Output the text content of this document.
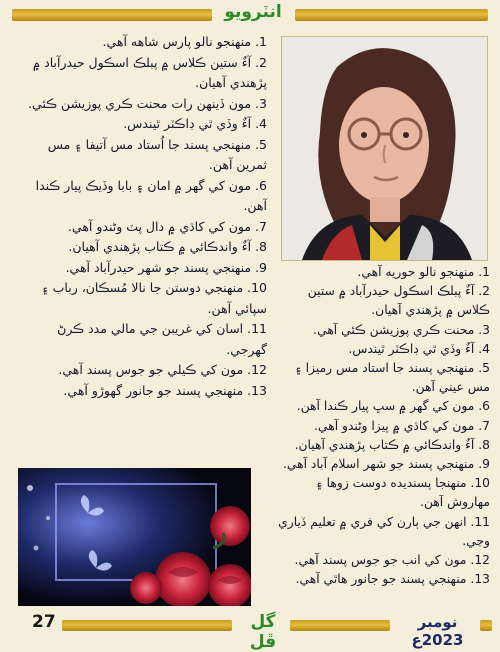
انٽرويو
1. منهنجو نالو پارس شاهه آهي.
2. آءٌ ستين ڪلاس ۾ پبلڪ اسڪول حيدرآباد ۾ پڙهندي آهيان.
3. مون ڏينهن رات محنت ڪري پوزيشن ڪئي.
4. آءٌ وڏي ٿي ڊاڪٽر ٿيندس.
5. منهنجي پسند جا اُستاد مس آتيفا ۽ مس ثمرين آهن.
6. مون کي گهر ۾ امان ۽ بابا وڏيڪ پيار ڪندا آهن.
7. مون کي کاڌي ۾ دال پٽ وڻندو آهي.
8. آءٌ واندڪائي ۾ ڪتاب پڙهندي آهيان.
9. منهنجي پسند جو شهر حيدرآباد آهي.
10. منهنجي دوستن جا نالا مُسڪان، رباب ۽ سپائي آهن.
11. اسان کي غريبن جي مالي مدد ڪرڻ گهرجي.
12. مون کي ڪيلي جو جوس پسند آهي.
13. منهنجي پسند جو جانور گهوڙو آهي.
1. منهنجو نالو حوريه آهي.
2. آءٌ پبلڪ اسڪول حيدرآباد ۾ ستين ڪلاس ۾ پڙهندي آهيان.
3. محنت ڪري پوزيشن ڪئي آهي.
4. آءٌ وڏي ٿي ڊاڪٽر ٿيندس.
5. منهنجي پسند جا استاد مس رميزا ۽ مس عيني آهن.
6. مون کي گهر ۾ سڀ پيار ڪندا آهن.
7. مون کي کاڌي ۾ پيزا وڻندو آهي.
8. آءٌ واندڪائي ۾ ڪتاب پڙهندي آهيان.
9. منهنجي پسند جو شهر اسلام آباد آهي.
10. منهنجا پسنديده دوست زوها ۽ مهاروش آهن.
11. انهن جي ٻارن کي فري ۾ تعليم ڏياري وڃي.
12. مون کي انب جو جوس پسند آهي.
13. منهنجي پسند جو جانور هاٿي آهي.
27	گل ڦل
نومبر 2023ع
